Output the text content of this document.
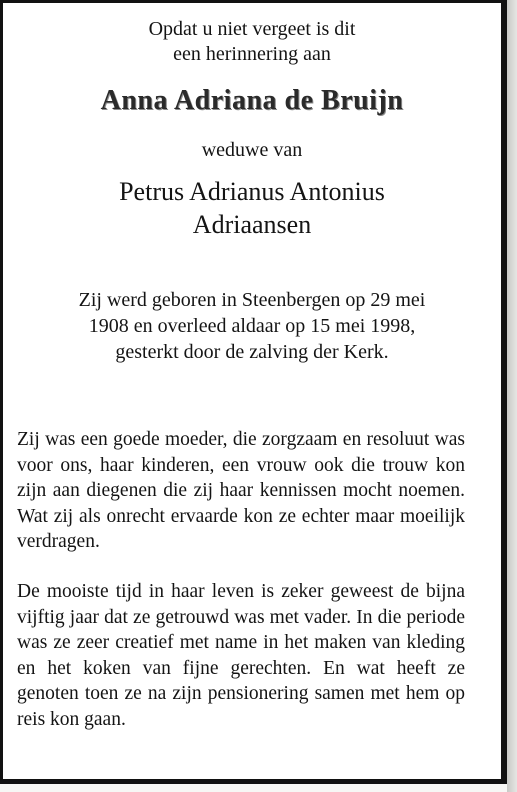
Opdat u niet vergeet is dit
een herinnering aan
Anna Adriana de Bruijn
weduwe van
Petrus Adrianus Antonius
Adriaansen
Zij werd geboren in Steenbergen op 29 mei
1908 en overleed aldaar op 15 mei 1998,
gesterkt door de zalving der Kerk.
Zij was een goede moeder, die zorgzaam en resoluut was voor ons, haar kinderen, een vrouw ook die trouw kon zijn aan diegenen die zij haar kennissen mocht noemen. Wat zij als onrecht ervaarde kon ze echter maar moeilijk verdragen.
De mooiste tijd in haar leven is zeker geweest de bijna vijftig jaar dat ze getrouwd was met vader. In die periode was ze zeer creatief met name in het maken van kleding en het koken van fijne gerechten. En wat heeft ze genoten toen ze na zijn pensionering samen met hem op reis kon gaan.
